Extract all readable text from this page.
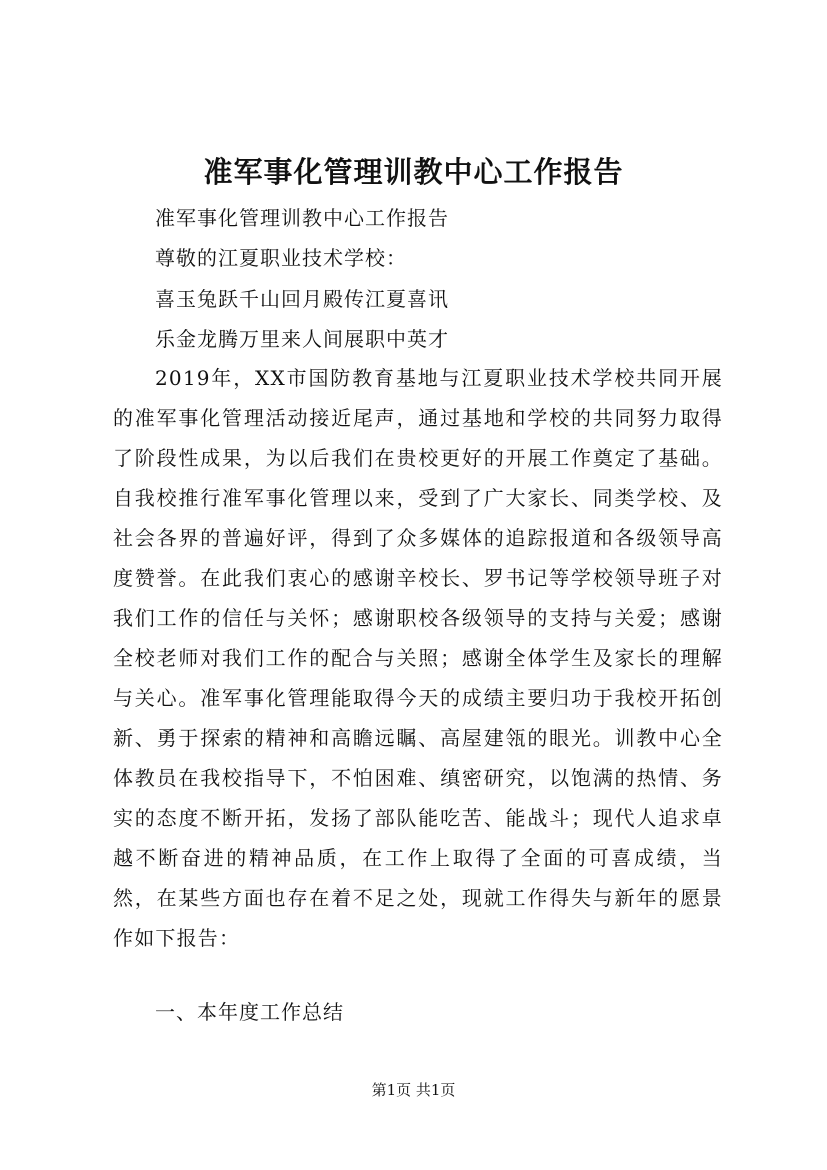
准军事化管理训教中心工作报告
准军事化管理训教中心工作报告
尊敬的江夏职业技术学校：
喜玉兔跃千山回月殿传江夏喜讯
乐金龙腾万里来人间展职中英才
2019年，XX市国防教育基地与江夏职业技术学校共同开展的准军事化管理活动接近尾声，通过基地和学校的共同努力取得了阶段性成果，为以后我们在贵校更好的开展工作奠定了基础。自我校推行准军事化管理以来，受到了广大家长、同类学校、及社会各界的普遍好评，得到了众多媒体的追踪报道和各级领导高度赞誉。在此我们衷心的感谢辛校长、罗书记等学校领导班子对我们工作的信任与关怀；感谢职校各级领导的支持与关爱；感谢全校老师对我们工作的配合与关照；感谢全体学生及家长的理解与关心。准军事化管理能取得今天的成绩主要归功于我校开拓创新、勇于探索的精神和高瞻远瞩、高屋建瓴的眼光。训教中心全体教员在我校指导下，不怕困难、缜密研究，以饱满的热情、务实的态度不断开拓，发扬了部队能吃苦、能战斗；现代人追求卓越不断奋进的精神品质，在工作上取得了全面的可喜成绩，当然，在某些方面也存在着不足之处，现就工作得失与新年的愿景作如下报告：
一、本年度工作总结
第1页 共1页
